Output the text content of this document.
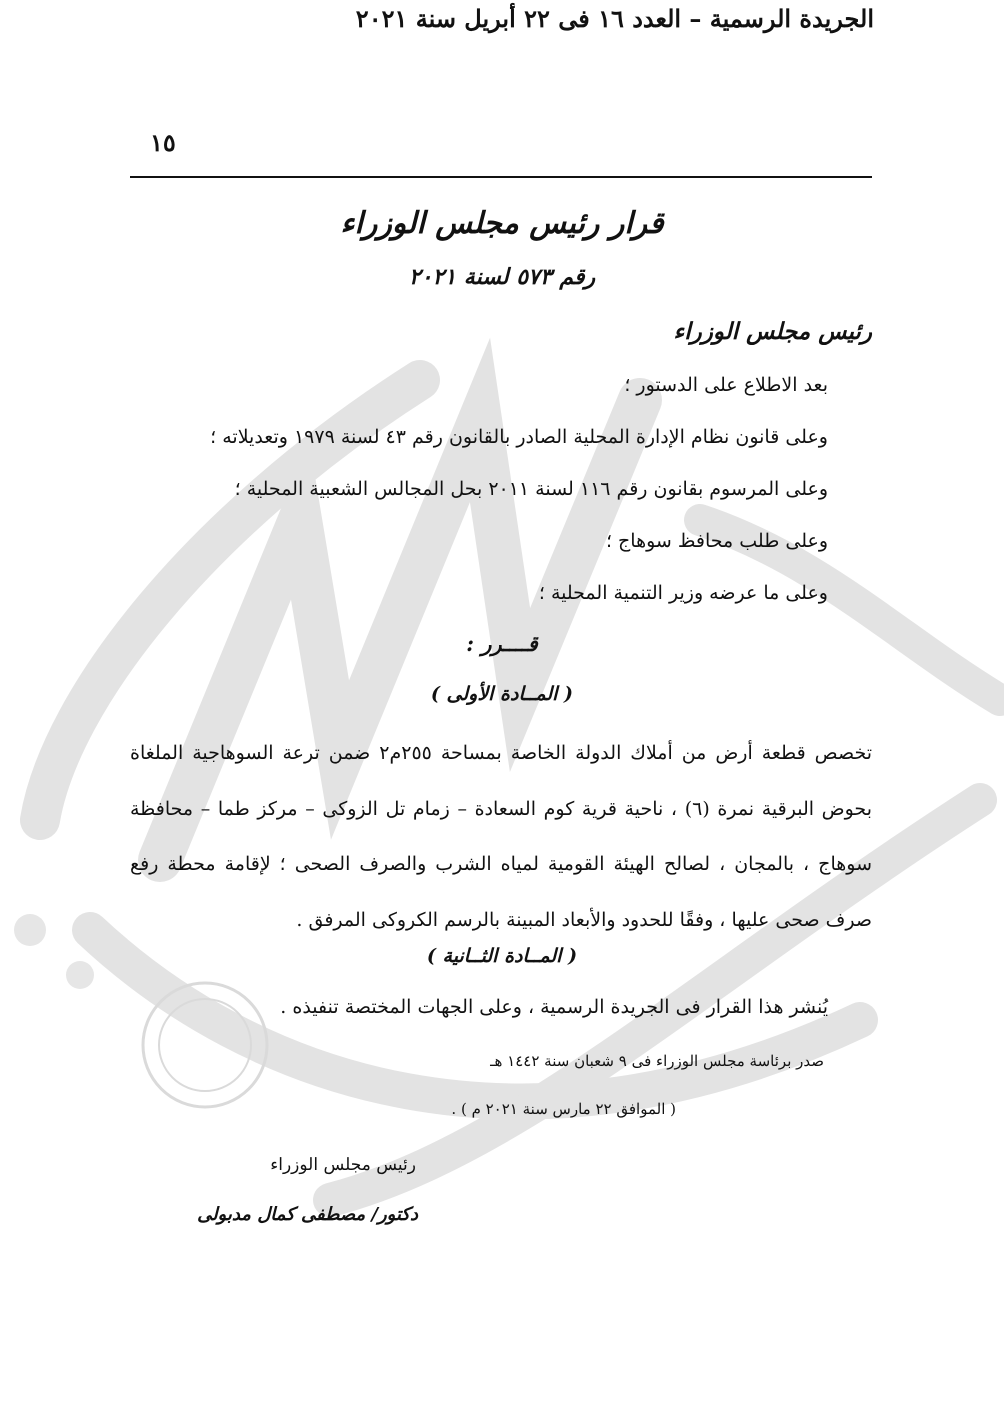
الجريدة الرسمية – العدد ١٦ فى ٢٢ أبريل سنة ٢٠٢١
١٥
قرار رئيس مجلس الوزراء
رقم ٥٧٣ لسنة ٢٠٢١
رئيس مجلس الوزراء
بعد الاطلاع على الدستور ؛
وعلى قانون نظام الإدارة المحلية الصادر بالقانون رقم ٤٣ لسنة ١٩٧٩ وتعديلاته ؛
وعلى المرسوم بقانون رقم ١١٦ لسنة ٢٠١١ بحل المجالس الشعبية المحلية ؛
وعلى طلب محافظ سوهاج ؛
وعلى ما عرضه وزير التنمية المحلية ؛
قــــرر :
( المــادة الأولى )
تخصص قطعة أرض من أملاك الدولة الخاصة بمساحة ٢٥٥م٢ ضمن ترعة السوهاجية الملغاة بحوض البرقية نمرة (٦) ، ناحية قرية كوم السعادة – زمام تل الزوكى – مركز طما – محافظة سوهاج ، بالمجان ، لصالح الهيئة القومية لمياه الشرب والصرف الصحى ؛ لإقامة محطة رفع صرف صحى عليها ، وفقًا للحدود والأبعاد المبينة بالرسم الكروكى المرفق .
( المــادة الثــانية )
يُنشر هذا القرار فى الجريدة الرسمية ، وعلى الجهات المختصة تنفيذه .
صدر برئاسة مجلس الوزراء فى ٩ شعبان سنة ١٤٤٢ هـ
( الموافق ٢٢ مارس سنة ٢٠٢١ م ) .
رئيس مجلس الوزراء
دكتور/ مصطفى كمال مدبولى
